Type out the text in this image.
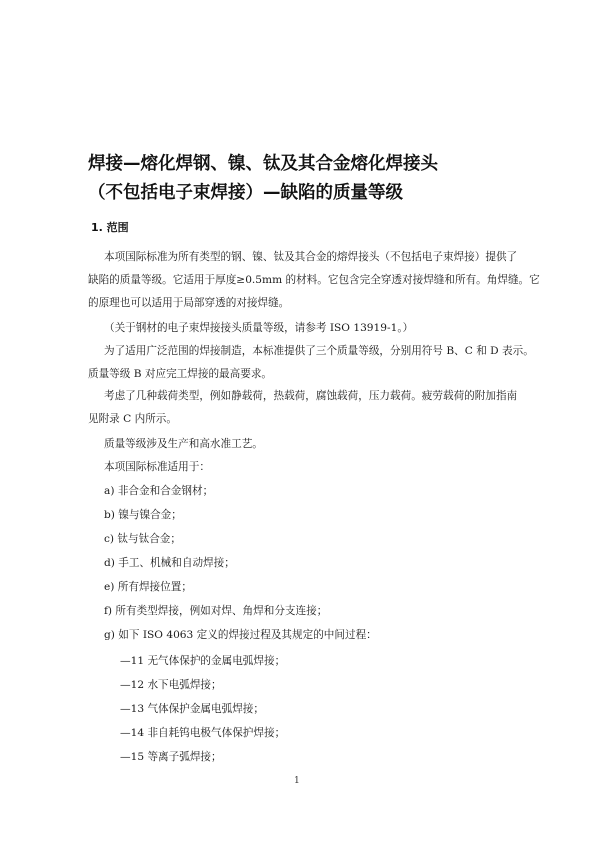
焊接—熔化焊钢、镍、钛及其合金熔化焊接头
（不包括电子束焊接）—缺陷的质量等级
1. 范围
本项国际标准为所有类型的钢、镍、钛及其合金的熔焊接头（不包括电子束焊接）提供了
缺陷的质量等级。它适用于厚度≥0.5mm 的材料。它包含完全穿透对接焊缝和所有。角焊缝。它
的原理也可以适用于局部穿透的对接焊缝。
（关于钢材的电子束焊接接头质量等级，请参考 ISO 13919-1。）
为了适用广泛范围的焊接制造，本标准提供了三个质量等级，分别用符号 B、C 和 D 表示。
质量等级 B 对应完工焊接的最高要求。
考虑了几种载荷类型，例如静载荷，热载荷，腐蚀载荷，压力载荷。疲劳载荷的附加指南
见附录 C 内所示。
质量等级涉及生产和高水准工艺。
本项国际标准适用于：
a) 非合金和合金钢材；
b) 镍与镍合金；
c) 钛与钛合金；
d) 手工、机械和自动焊接；
e) 所有焊接位置；
f) 所有类型焊接，例如对焊、角焊和分支连接；
g) 如下 ISO 4063 定义的焊接过程及其规定的中间过程：
—11 无气体保护的金属电弧焊接；
—12 水下电弧焊接；
—13 气体保护金属电弧焊接；
—14 非自耗钨电极气体保护焊接；
—15 等离子弧焊接；
1
